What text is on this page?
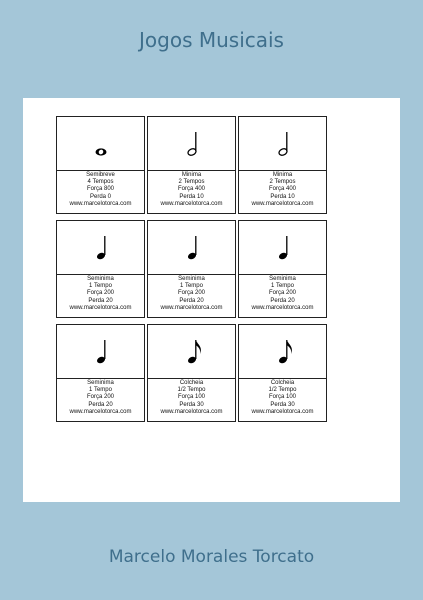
Jogos Musicais
Semibreve
4 Tempos
Força 800
Perda 0
www.marcelotorca.com
Minima
2 Tempos
Força 400
Perda 10
www.marcelotorca.com
Minima
2 Tempos
Força 400
Perda 10
www.marcelotorca.com
Seminima
1 Tempo
Força 200
Perda 20
www.marcelotorca.com
Seminima
1 Tempo
Força 200
Perda 20
www.marcelotorca.com
Seminima
1 Tempo
Força 200
Perda 20
www.marcelotorca.com
Seminima
1 Tempo
Força 200
Perda 20
www.marcelotorca.com
Colcheia
1/2 Tempo
Força 100
Perda 30
www.marcelotorca.com
Colcheia
1/2 Tempo
Força 100
Perda 30
www.marcelotorca.com
Marcelo Morales Torcato
